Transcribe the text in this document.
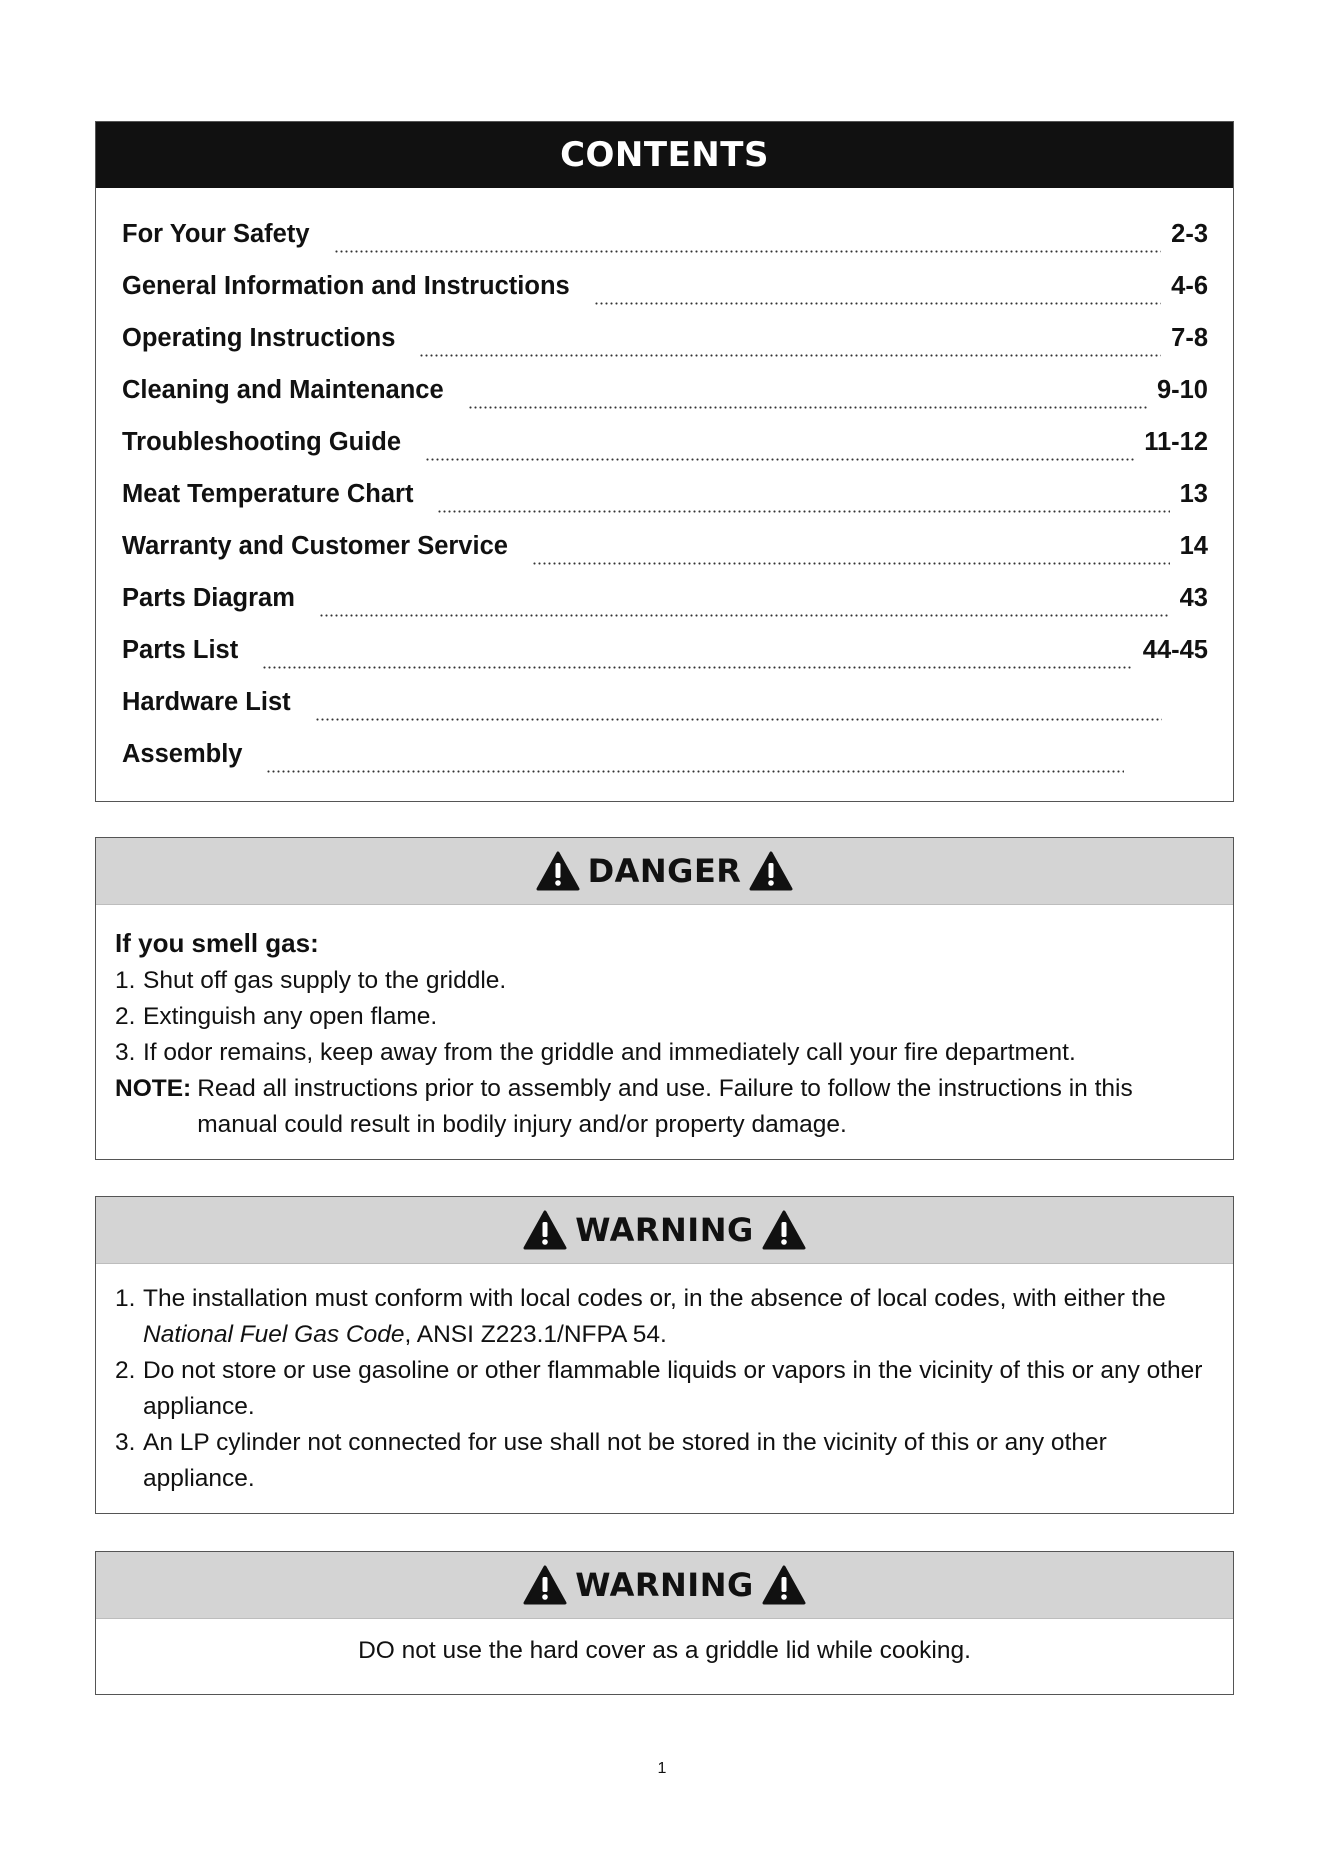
CONTENTS
For Your Safety	2-3
General Information and Instructions	4-6
Operating Instructions	7-8
Cleaning and Maintenance	9-10
Troubleshooting Guide	11-12
Meat Temperature Chart	13
Warranty and Customer Service	14
Parts Diagram	43
Parts List	44-45
Hardware List
Assembly
DANGER
If you smell gas:
1. Shut off gas supply to the griddle.
2. Extinguish any open flame.
3. If odor remains, keep away from the griddle and immediately call your fire department.
NOTE: Read all instructions prior to assembly and use. Failure to follow the instructions in this manual could result in bodily injury and/or property damage.
WARNING
1. The installation must conform with local codes or, in the absence of local codes, with either the National Fuel Gas Code, ANSI Z223.1/NFPA 54.
2. Do not store or use gasoline or other flammable liquids or vapors in the vicinity of this or any other appliance.
3. An LP cylinder not connected for use shall not be stored in the vicinity of this or any other appliance.
WARNING
DO not use the hard cover as a griddle lid while cooking.
1
